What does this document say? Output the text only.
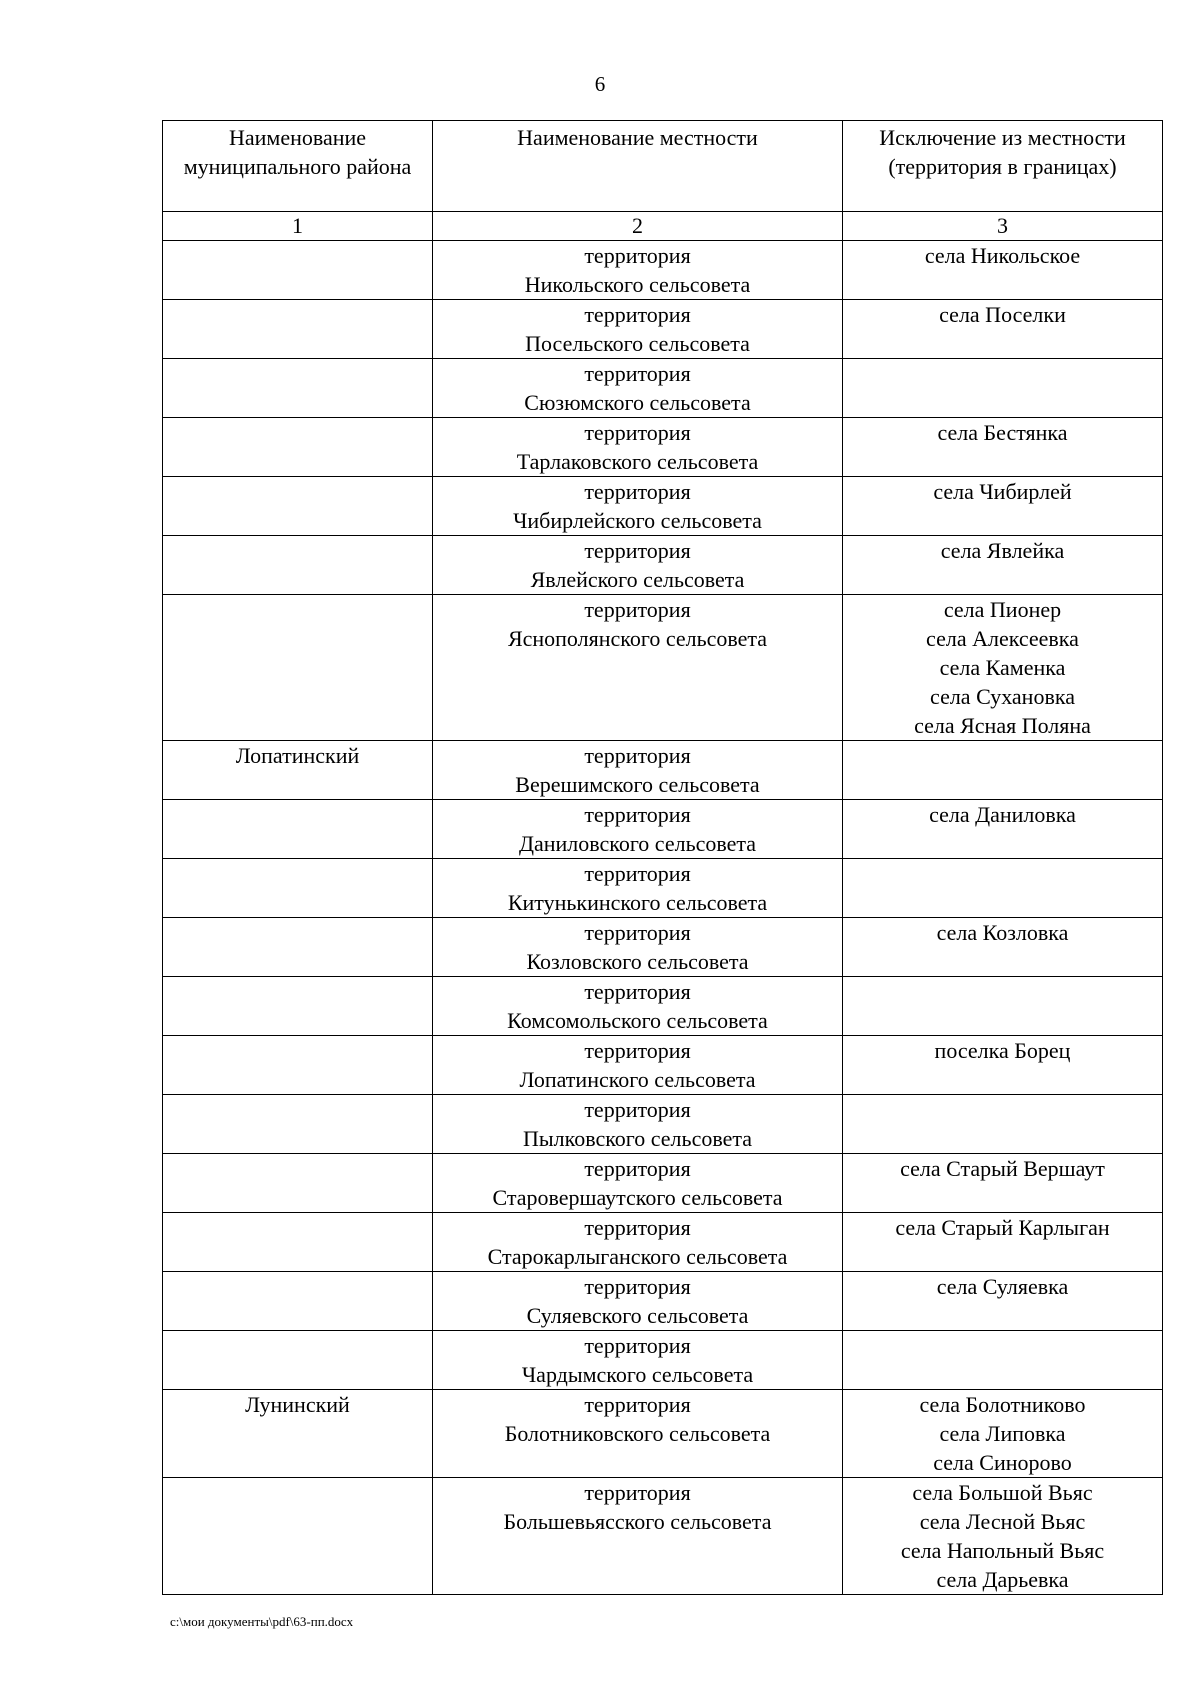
6
Наименование муниципального района	Наименование местности	Исключение из местности (территория в границах)
1	2	3

	территория
Никольского сельсовета	села Никольское

	территория
Посельского сельсовета	села Поселки

	территория
Сюзюмского сельсовета	

	территория
Тарлаковского сельсовета	села Бестянка

	территория
Чибирлейского сельсовета	села Чибирлей

	территория
Явлейского сельсовета	села Явлейка

	территория
Яснополянского сельсовета	села Пионер
села Алексеевка
села Каменка
села Сухановка
села Ясная Поляна

Лопатинский	территория
Верешимского сельсовета	

	территория
Даниловского сельсовета	села Даниловка

	территория
Китунькинского сельсовета	

	территория
Козловского сельсовета	села Козловка

	территория
Комсомольского сельсовета	

	территория
Лопатинского сельсовета	поселка Борец

	территория
Пылковского сельсовета	

	территория
Старовершаутского сельсовета	села Старый Вершаут

	территория
Старокарлыганского сельсовета	села Старый Карлыган

	территория
Суляевского сельсовета	села Суляевка

	территория
Чардымского сельсовета	

Лунинский	территория
Болотниковского сельсовета	села Болотниково
села Липовка
села Синорово

	территория
Большевьясского сельсовета	села Большой Вьяс
села Лесной Вьяс
села Напольный Вьяс
села Дарьевка
c:\мои документы\pdf\63-пп.docx
